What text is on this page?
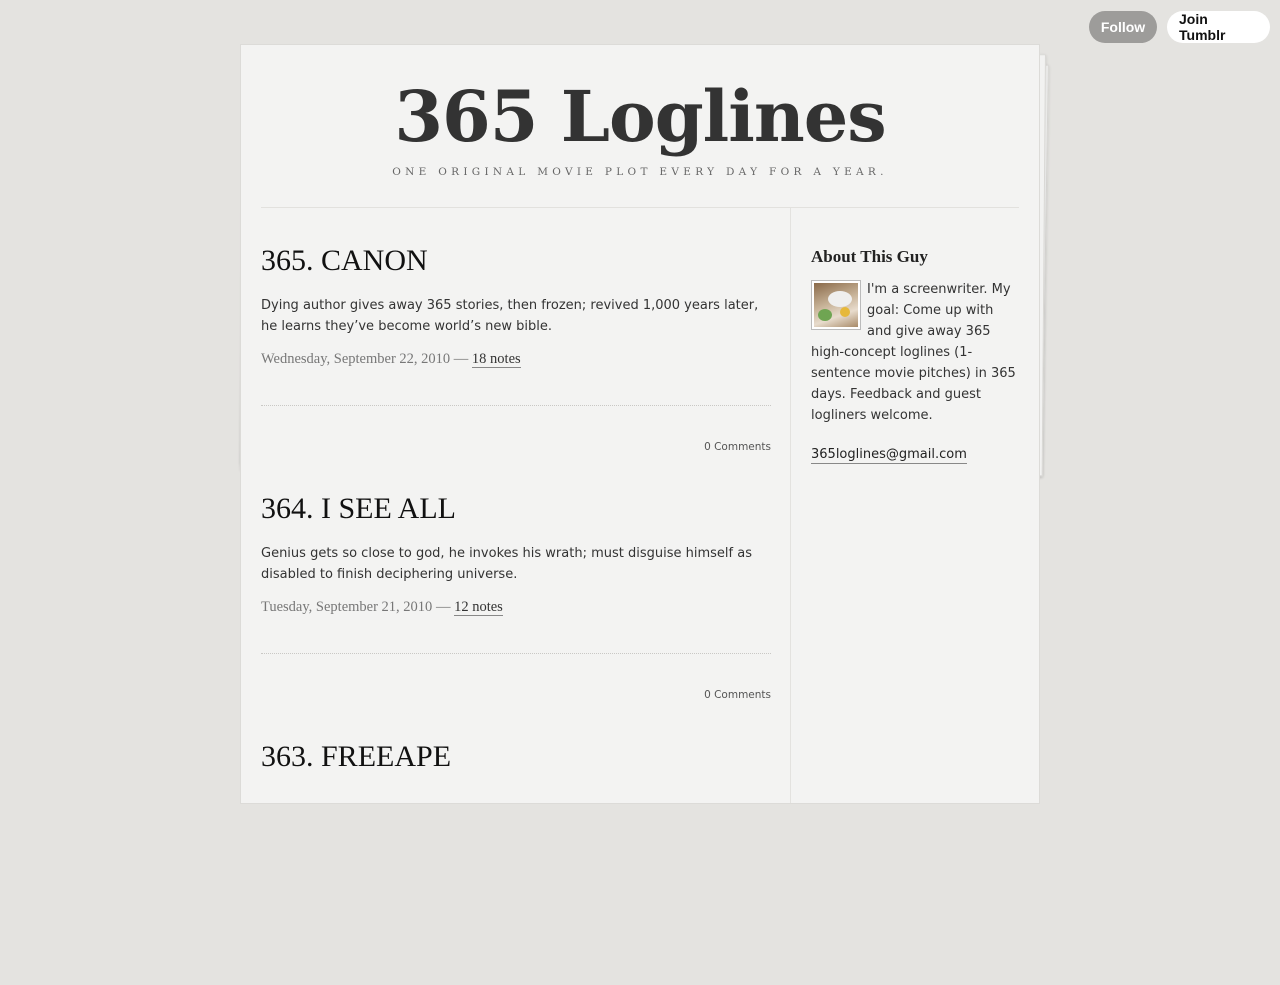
Follow	Join Tumblr
365 Loglines
ONE ORIGINAL MOVIE PLOT EVERY DAY FOR A YEAR.
365. CANON
Dying author gives away 365 stories, then frozen; revived 1,000 years later, he learns they’ve become world’s new bible.
Wednesday, September 22, 2010 — 18 notes
0 Comments
364. I SEE ALL
Genius gets so close to god, he invokes his wrath; must disguise himself as disabled to finish deciphering universe.
Tuesday, September 21, 2010 — 12 notes
0 Comments
363. FREEAPE
About This Guy
I'm a screenwriter. My goal: Come up with and give away 365 high-concept loglines (1-sentence movie pitches) in 365 days. Feedback and guest logliners welcome.
365loglines@gmail.com
